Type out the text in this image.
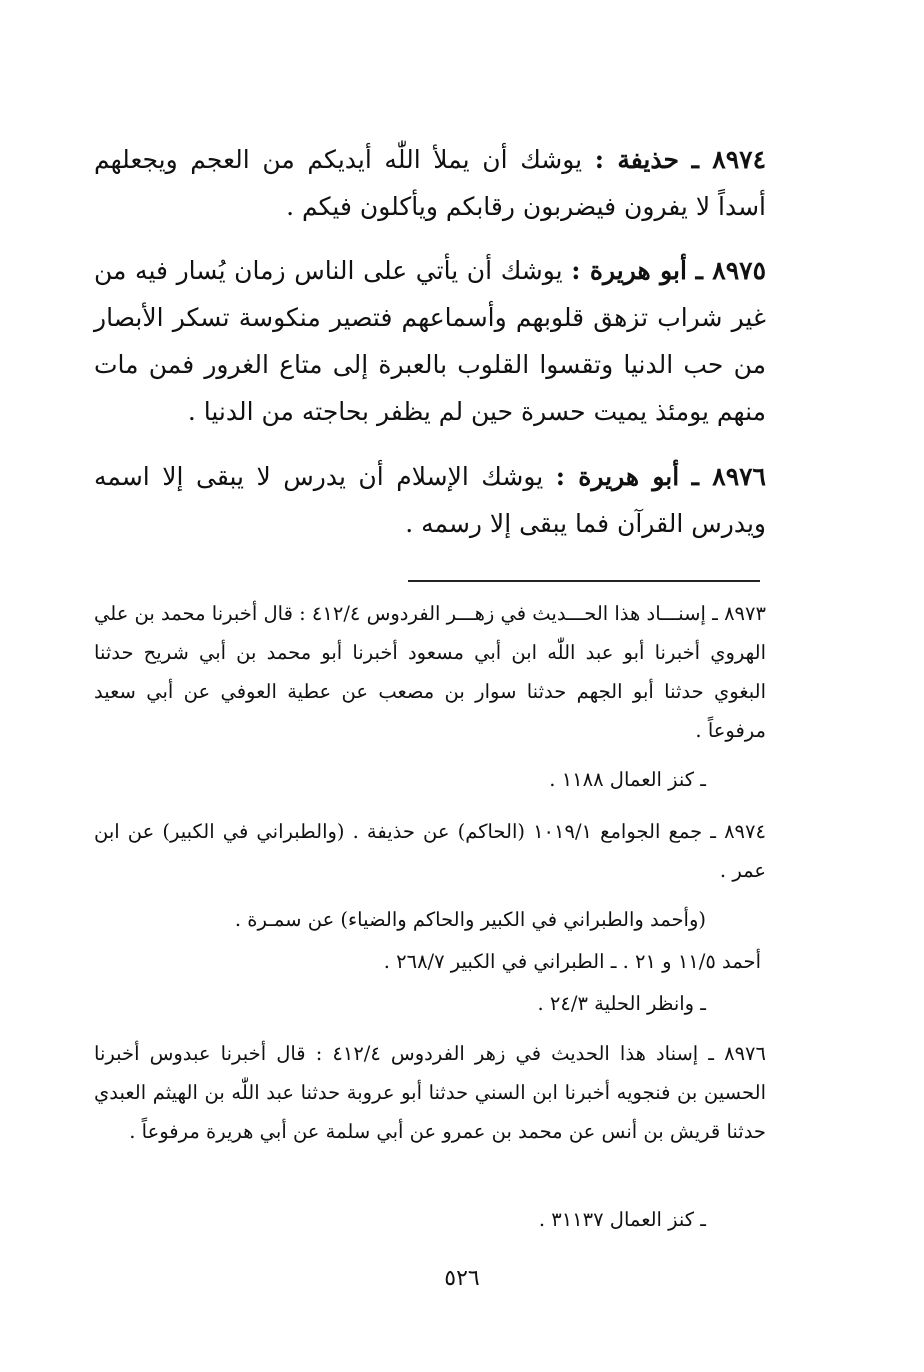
٨٩٧٤ ـ حذيفة : يوشك أن يملأ اللّٰه أيديكم من العجم ويجعلهم أسداً لا يفرون فيضربون رقابكم ويأكلون فيكم .
٨٩٧٥ ـ أبو هريرة : يوشك أن يأتي على الناس زمان يُسار فيه من غير شراب تزهق قلوبهم وأسماعهم فتصير منكوسة تسكر الأبصار من حب الدنيا وتقسوا القلوب بالعبرة إلى متاع الغرور فمن مات منهم يومئذ يميت حسرة حين لم يظفر بحاجته من الدنيا .
٨٩٧٦ ـ أبو هريرة : يوشك الإسلام أن يدرس لا يبقى إلا اسمه ويدرس القرآن فما يبقى إلا رسمه .
٨٩٧٣ ـ إسنـــاد هذا الحـــديث في زهـــر الفردوس ٤١٢/٤ : قال أخبرنا محمد بن علي الهروي أخبرنا أبو عبد اللّٰه ابن أبي مسعود أخبرنا أبو محمد بن أبي شريح حدثنا البغوي حدثنا أبو الجهم حدثنا سوار بن مصعب عن عطية العوفي عن أبي سعيد مرفوعاً .
ـ كنز العمال ١١٨٨ .
٨٩٧٤ ـ جمع الجوامع ١٠١٩/١ (الحاكم) عن حذيفة . (والطبراني في الكبير) عن ابن عمر .
(وأحمد والطبراني في الكبير والحاكم والضياء) عن سمـرة .
أحمد ١١/٥ و ٢١ . ـ الطبراني في الكبير ٢٦٨/٧ .
ـ وانظر الحلية ٢٤/٣ .
٨٩٧٦ ـ إسناد هذا الحديث في زهر الفردوس ٤١٢/٤ : قال أخبرنا عبدوس أخبرنا الحسين بن فنجويه أخبرنا ابن السني حدثنا أبو عروبة حدثنا عبد اللّٰه بن الهيثم العبدي حدثنا قريش بن أنس عن محمد بن عمرو عن أبي سلمة عن أبي هريرة مرفوعاً .
ـ كنز العمال ٣١١٣٧ .
٥٢٦
